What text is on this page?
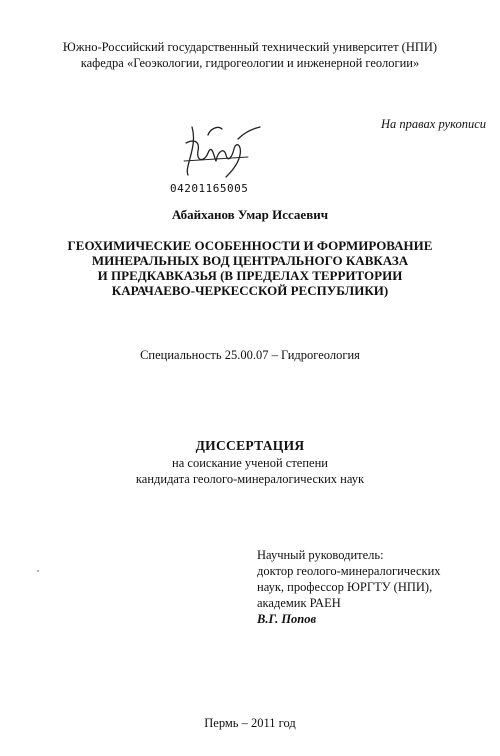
Южно-Российский государственный технический университет (НПИ)
кафедра «Геоэкологии, гидрогеологии и инженерной геологии»
На правах рукописи
04201165005
Абайханов Умар Иссаевич
ГЕОХИМИЧЕСКИЕ ОСОБЕННОСТИ И ФОРМИРОВАНИЕ
МИНЕРАЛЬНЫХ ВОД ЦЕНТРАЛЬНОГО КАВКАЗА
И ПРЕДКАВКАЗЬЯ (В ПРЕДЕЛАХ ТЕРРИТОРИИ
КАРАЧАЕВО-ЧЕРКЕССКОЙ РЕСПУБЛИКИ)
Специальность 25.00.07 – Гидрогеология
ДИССЕРТАЦИЯ
на соискание ученой степени
кандидата геолого-минералогических наук
Научный руководитель:
доктор геолого-минералогических
наук, профессор ЮРГТУ (НПИ),
академик РАЕН
В.Г. Попов
Пермь – 2011 год
